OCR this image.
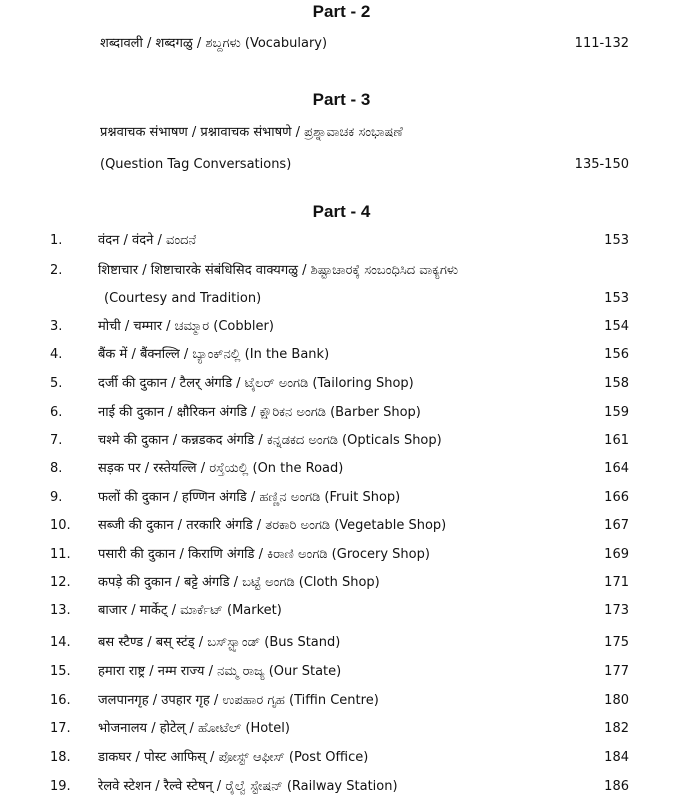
Part - 2
शब्दावली / शब्दगळु / ಶಬ್ದಗಳು (Vocabulary)	111-132
Part - 3
प्रश्नवाचक संभाषण / प्रश्नावाचक संभाषणे / ಪ್ರಶ್ನಾವಾಚಕ ಸಂಭಾಷಣೆ
(Question Tag Conversations)	135-150
Part - 4
1.	वंदन / वंदने / ವಂದನೆ	153
2.	शिष्टाचार / शिष्टाचारके संबंधिसिद वाक्यगळु / ಶಿಷ್ಟಾಚಾರಕ್ಕೆ ಸಂಬಂಧಿಸಿದ ವಾಕ್ಯಗಳು
(Courtesy and Tradition)	153
3.	मोची / चम्मार / ಚಮ್ಮಾರ (Cobbler)	154
4.	बैंक में / बैंक्नल्लि / ಬ್ಯಾಂಕ್‌ನಲ್ಲಿ (In the Bank)	156
5.	दर्जी की दुकान / टैलर् अंगडि / ಟೈಲರ್ ಅಂಗಡಿ (Tailoring Shop)	158
6.	नाई की दुकान / क्षौरिकन अंगडि / ಕ್ಷೌರಿಕನ ಅಂಗಡಿ (Barber Shop)	159
7.	चश्मे की दुकान / कन्नडकद अंगडि / ಕನ್ನಡಕದ ಅಂಗಡಿ (Opticals Shop)	161
8.	सड़क पर / रस्तेयल्लि / ರಸ್ತೆಯಲ್ಲಿ (On the Road)	164
9.	फलों की दुकान / हण्णिन अंगडि / ಹಣ್ಣಿನ ಅಂಗಡಿ (Fruit Shop)	166
10. सब्जी की दुकान / तरकारि अंगडि / ತರಕಾರಿ ಅಂಗಡಿ (Vegetable Shop)	167
11. पसारी की दुकान / किराणि अंगडि / ಕಿರಾಣಿ ಅಂಗಡಿ (Grocery Shop)	169
12. कपड़े की दुकान / बट्टे अंगडि / ಬಟ್ಟೆ ಅಂಗಡಿ (Cloth Shop)	171
13. बाजार / मार्केट् / ಮಾರ್ಕೆಟ್ (Market)	173
14. बस स्टैण्ड / बस् स्टंड् / ಬಸ್‌ಸ್ಟ್ಯಾಂಡ್ (Bus Stand)	175
15. हमारा राष्ट्र / नम्म राज्य / ನಮ್ಮ ರಾಜ್ಯ (Our State)	177
16. जलपानगृह / उपहार गृह / ಉಪಹಾರ ಗೃಹ (Tiffin Centre)	180
17. भोजनालय / होटेल् / ಹೋಟೆಲ್ (Hotel)	182
18. डाकघर / पोस्ट आफिस् / ಪೋಸ್ಟ್ ಆಫೀಸ್ (Post Office)	184
19. रेलवे स्टेशन / रैल्वे स्टेषन् / ರೈಲ್ವೆ ಸ್ಟೇಷನ್ (Railway Station)	186
